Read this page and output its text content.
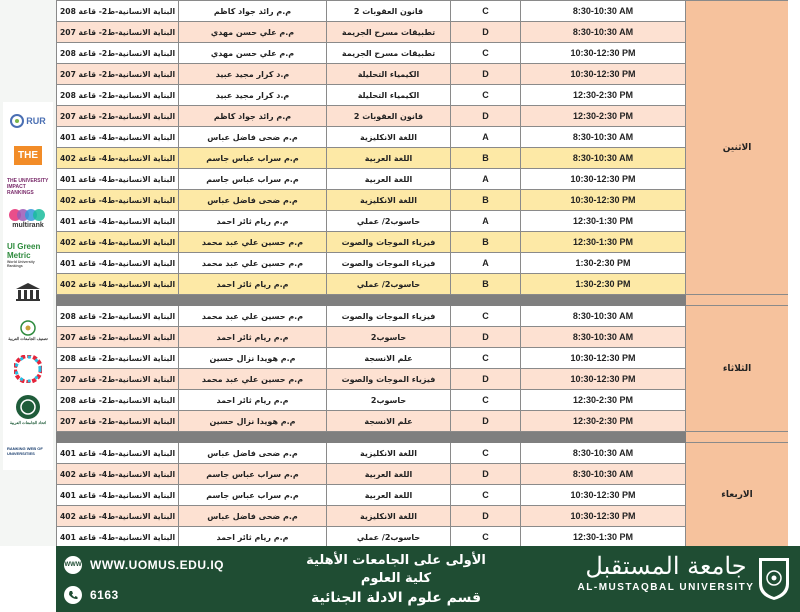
RUR
THE
THE UNIVERSITY IMPACT RANKINGS
multirank
UI Green Metric
World University Rankings
تصنيف الجامعات العربية
اتحاد الجامعات العربية
RANKING WEB OF UNIVERSITIES
البناية الانسانية-ط2- قاعة 208	م.م رائد جواد كاظم	قانون العقوبات 2	C	8:30-10:30 AM	الاثنين
البناية الانسانية-ط2- قاعة 207	م.م علي حسن مهدي	تطبيقات مسرح الجريمة	D	8:30-10:30 AM	
البناية الانسانية-ط2- قاعة 208	م.م علي حسن مهدي	تطبيقات مسرح الجريمة	C	10:30-12:30 PM	
البناية الانسانية-ط2- قاعة 207	م.د كرار مجيد عبيد	الكيمياء التحليلة	D	10:30-12:30 PM	
البناية الانسانية-ط2- قاعة 208	م.د كرار مجيد عبيد	الكيمياء التحليلة	C	12:30-2:30 PM	
البناية الانسانية-ط2- قاعة 207	م.م رائد جواد كاظم	قانون العقوبات 2	D	12:30-2:30 PM	
البناية الانسانية-ط4- قاعة 401	م.م ضحى فاضل عباس	اللغة الانكليزية	A	8:30-10:30 AM	
البناية الانسانية-ط4- قاعة 402	م.م سراب عباس جاسم	اللغة العربية	B	8:30-10:30 AM	
البناية الانسانية-ط4- قاعة 401	م.م سراب عباس جاسم	اللغة العربية	A	10:30-12:30 PM	
البناية الانسانية-ط4- قاعة 402	م.م ضحى فاضل عباس	اللغة الانكليزية	B	10:30-12:30 PM	
البناية الانسانية-ط4- قاعة 401	م.م ريام ثائر احمد	حاسوب2/ عملي	A	12:30-1:30 PM	
البناية الانسانية-ط4- قاعة 402	م.م حسين علي عبد محمد	فيزياء الموجات والصوت	B	12:30-1:30 PM	
البناية الانسانية-ط4- قاعة 401	م.م حسين علي عبد محمد	فيزياء الموجات والصوت	A	1:30-2:30 PM	
البناية الانسانية-ط4- قاعة 402	م.م ريام ثائر احمد	حاسوب2/ عملي	B	1:30-2:30 PM	

البناية الانسانية-ط2- قاعة 208	م.م حسين علي عبد محمد	فيزياء الموجات والصوت	C	8:30-10:30 AM	الثلاثاء
البناية الانسانية-ط2- قاعة 207	م.م ريام ثائر احمد	حاسوب2	D	8:30-10:30 AM	
البناية الانسانية-ط2- قاعة 208	م.م هويدا نزال حسين	علم الانسجة	C	10:30-12:30 PM	
البناية الانسانية-ط2- قاعة 207	م.م حسين علي عبد محمد	فيزياء الموجات والصوت	D	10:30-12:30 PM	
البناية الانسانية-ط2- قاعة 208	م.م ريام ثائر احمد	حاسوب2	C	12:30-2:30 PM	
البناية الانسانية-ط2- قاعة 207	م.م هويدا نزال حسين	علم الانسجة	D	12:30-2:30 PM	

البناية الانسانية-ط4- قاعة 401	م.م ضحى فاضل عباس	اللغة الانكليزية	C	8:30-10:30 AM	الاربعاء
البناية الانسانية-ط4- قاعة 402	م.م سراب عباس جاسم	اللغة العربية	D	8:30-10:30 AM	
البناية الانسانية-ط4- قاعة 401	م.م سراب عباس جاسم	اللغة العربية	C	10:30-12:30 PM	
البناية الانسانية-ط4- قاعة 402	م.م ضحى فاضل عباس	اللغة الانكليزية	D	10:30-12:30 PM	
البناية الانسانية-ط4- قاعة 401	م.م ريام ثائر احمد	حاسوب2/ عملي	C	12:30-1:30 PM	
WWW WWW.UOMUS.EDU.IQ
6163
الأولى على الجامعات الأهلية
كلية العلوم
قسم علوم الادلة الجنائية
جامعة المستقبل
AL-MUSTAQBAL UNIVERSITY
